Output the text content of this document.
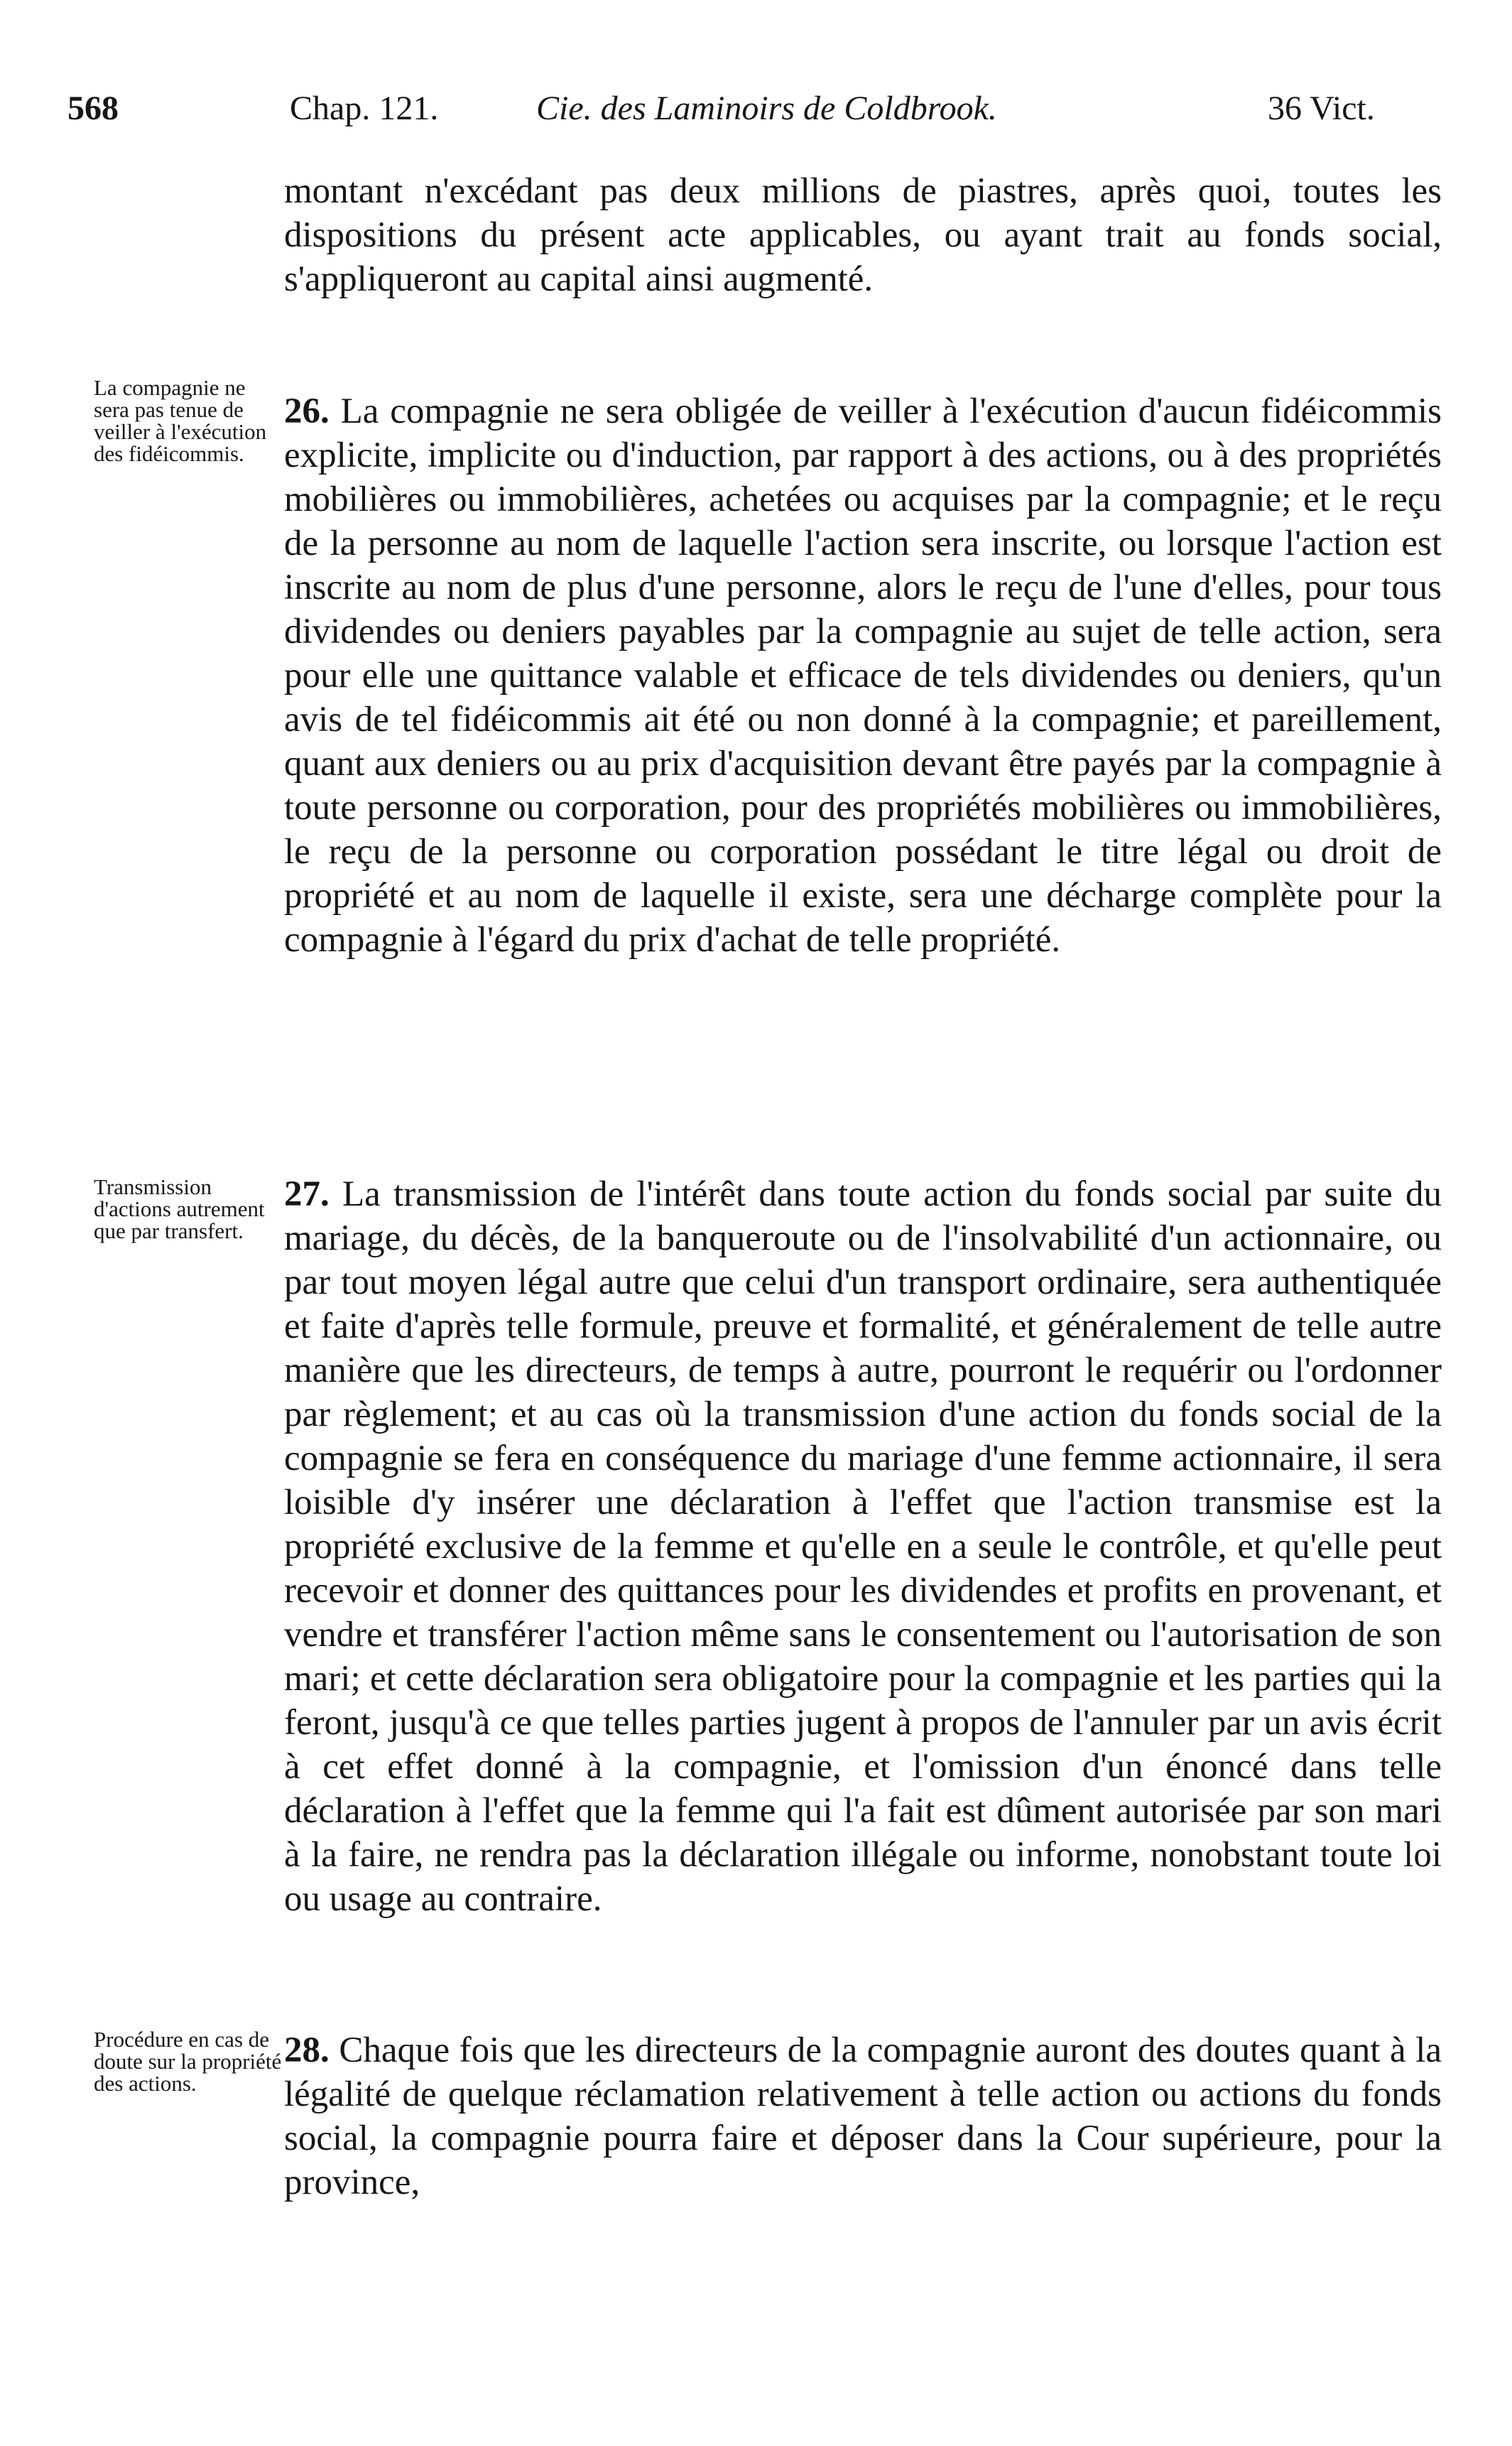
568	Chap. 121.	Cie. des Laminoirs de Coldbrook.	36 Vict.

montant n'excédant pas deux millions de piastres, après quoi, toutes les dispositions du présent acte applicables, ou ayant trait au fonds social, s'appliqueront au capital ainsi augmenté.

La compagnie ne sera pas tenue de veiller à l'exécution des fidéicommis.

26. La compagnie ne sera obligée de veiller à l'exécution d'aucun fidéicommis explicite, implicite ou d'induction, par rapport à des actions, ou à des propriétés mobilières ou immobilières, achetées ou acquises par la compagnie; et le reçu de la personne au nom de laquelle l'action sera inscrite, ou lorsque l'action est inscrite au nom de plus d'une personne, alors le reçu de l'une d'elles, pour tous dividendes ou deniers payables par la compagnie au sujet de telle action, sera pour elle une quittance valable et efficace de tels dividendes ou deniers, qu'un avis de tel fidéicommis ait été ou non donné à la compagnie; et pareillement, quant aux deniers ou au prix d'acquisition devant être payés par la compagnie à toute personne ou corporation, pour des propriétés mobilières ou immobilières, le reçu de la personne ou corporation possédant le titre légal ou droit de propriété et au nom de laquelle il existe, sera une décharge complète pour la compagnie à l'égard du prix d'achat de telle propriété.

Transmission d'actions autrement que par transfert.

27. La transmission de l'intérêt dans toute action du fonds social par suite du mariage, du décès, de la banqueroute ou de l'insolvabilité d'un actionnaire, ou par tout moyen légal autre que celui d'un transport ordinaire, sera authentiquée et faite d'après telle formule, preuve et formalité, et généralement de telle autre manière que les directeurs, de temps à autre, pourront le requérir ou l'ordonner par règlement; et au cas où la transmission d'une action du fonds social de la compagnie se fera en conséquence du mariage d'une femme actionnaire, il sera loisible d'y insérer une déclaration à l'effet que l'action transmise est la propriété exclusive de la femme et qu'elle en a seule le contrôle, et qu'elle peut recevoir et donner des quittances pour les dividendes et profits en provenant, et vendre et transférer l'action même sans le consentement ou l'autorisation de son mari; et cette déclaration sera obligatoire pour la compagnie et les parties qui la feront, jusqu'à ce que telles parties jugent à propos de l'annuler par un avis écrit à cet effet donné à la compagnie, et l'omission d'un énoncé dans telle déclaration à l'effet que la femme qui l'a fait est dûment autorisée par son mari à la faire, ne rendra pas la déclaration illégale ou informe, nonobstant toute loi ou usage au contraire.

Procédure en cas de doute sur la propriété des actions.

28. Chaque fois que les directeurs de la compagnie auront des doutes quant à la légalité de quelque réclamation relativement à telle action ou actions du fonds social, la compagnie pourra faire et déposer dans la Cour supérieure, pour la province,
